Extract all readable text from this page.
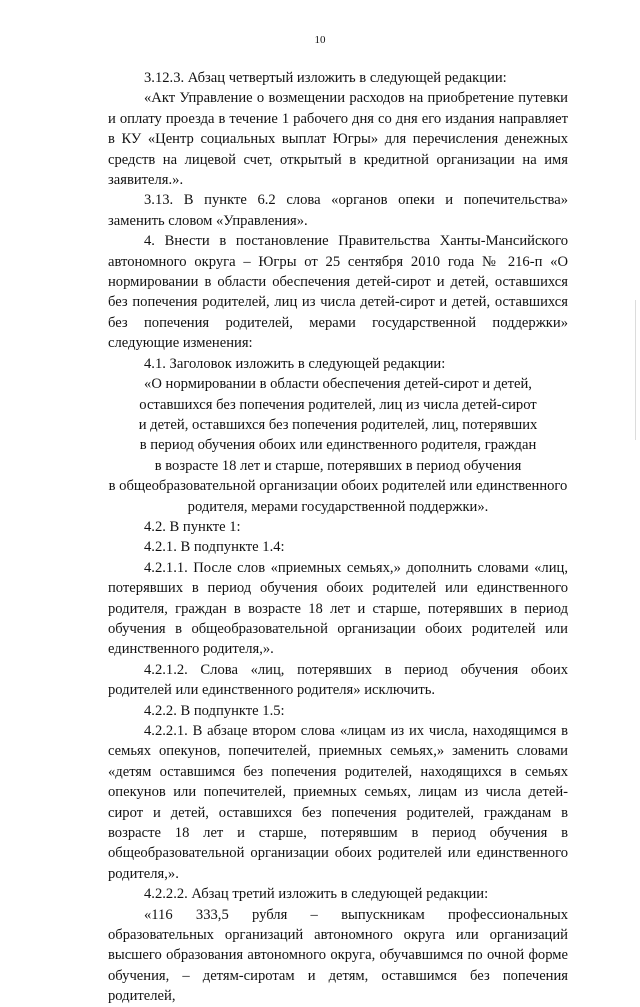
10

3.12.3. Абзац четвертый изложить в следующей редакции:

«Акт Управление о возмещении расходов на приобретение путевки и оплату проезда в течение 1 рабочего дня со дня его издания направляет в КУ «Центр социальных выплат Югры» для перечисления денежных средств на лицевой счет, открытый в кредитной организации на имя заявителя.».

3.13. В пункте 6.2 слова «органов опеки и попечительства» заменить словом «Управления».

4. Внести в постановление Правительства Ханты-Мансийского автономного округа – Югры от 25 сентября 2010 года № 216-п «О нормировании в области обеспечения детей-сирот и детей, оставшихся без попечения родителей, лиц из числа детей-сирот и детей, оставшихся без попечения родителей, мерами государственной поддержки» следующие изменения:

4.1. Заголовок изложить в следующей редакции:

«О нормировании в области обеспечения детей-сирот и детей,

оставшихся без попечения родителей, лиц из числа детей-сирот

и детей, оставшихся без попечения родителей, лиц, потерявших

в период обучения обоих или единственного родителя, граждан

в возрасте 18 лет и старше, потерявших в период обучения

в общеобразовательной организации обоих родителей или единственного

родителя, мерами государственной поддержки».

4.2. В пункте 1:

4.2.1. В подпункте 1.4:

4.2.1.1. После слов «приемных семьях,» дополнить словами «лиц, потерявших в период обучения обоих родителей или единственного родителя, граждан в возрасте 18 лет и старше, потерявших в период обучения в общеобразовательной организации обоих родителей или единственного родителя,».

4.2.1.2. Слова «лиц, потерявших в период обучения обоих родителей или единственного родителя» исключить.

4.2.2. В подпункте 1.5:

4.2.2.1. В абзаце втором слова «лицам из их числа, находящимся в семьях опекунов, попечителей, приемных семьях,» заменить словами «детям оставшимся без попечения родителей, находящихся в семьях опекунов или попечителей, приемных семьях, лицам из числа детей-сирот и детей, оставшихся без попечения родителей, гражданам в возрасте 18 лет и старше, потерявшим в период обучения в общеобразовательной организации обоих родителей или единственного родителя,».

4.2.2.2. Абзац третий изложить в следующей редакции:

«116 333,5 рубля – выпускникам профессиональных образовательных организаций автономного округа или организаций высшего образования автономного округа, обучавшимся по очной форме обучения, – детям-сиротам и детям, оставшимся без попечения родителей,
